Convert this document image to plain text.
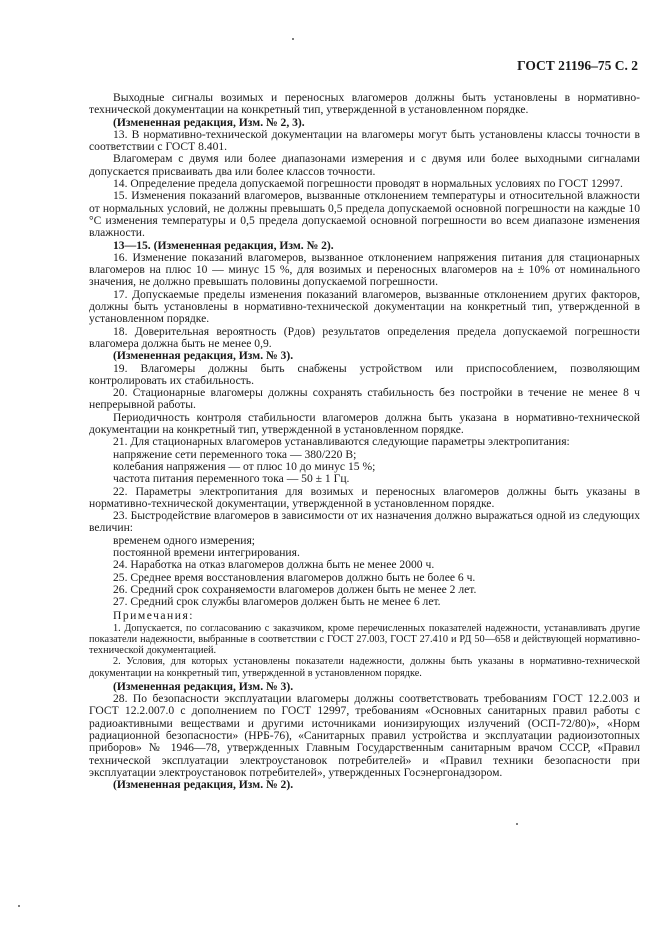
ГОСТ 21196–75 С. 2

Выходные сигналы возимых и переносных влагомеров должны быть установлены в нормативно-технической документации на конкретный тип, утвержденной в установленном порядке.

(Измененная редакция, Изм. № 2, 3).

13. В нормативно-технической документации на влагомеры могут быть установлены классы точности в соответствии с ГОСТ 8.401.

Влагомерам с двумя или более диапазонами измерения и с двумя или более выходными сигналами допускается присваивать два или более классов точности.

14. Определение предела допускаемой погрешности проводят в нормальных условиях по ГОСТ 12997.

15. Изменения показаний влагомеров, вызванные отклонением температуры и относительной влажности от нормальных условий, не должны превышать 0,5 предела допускаемой основной погрешности на каждые 10 °С изменения температуры и 0,5 предела допускаемой основной погрешности во всем диапазоне изменения влажности.

13—15. (Измененная редакция, Изм. № 2).

16. Изменение показаний влагомеров, вызванное отклонением напряжения питания для стационарных влагомеров на плюс 10 — минус 15 %, для возимых и переносных влагомеров на ± 10% от номинального значения, не должно превышать половины допускаемой погрешности.

17. Допускаемые пределы изменения показаний влагомеров, вызванные отклонением других факторов, должны быть установлены в нормативно-технической документации на конкретный тип, утвержденной в установленном порядке.

18. Доверительная вероятность (Pдов) результатов определения предела допускаемой погрешности влагомера должна быть не менее 0,9.

(Измененная редакция, Изм. № 3).

19. Влагомеры должны быть снабжены устройством или приспособлением, позволяющим контролировать их стабильность.

20. Стационарные влагомеры должны сохранять стабильность без постройки в течение не менее 8 ч непрерывной работы.

Периодичность контроля стабильности влагомеров должна быть указана в нормативно-технической документации на конкретный тип, утвержденной в установленном порядке.

21. Для стационарных влагомеров устанавливаются следующие параметры электропитания:

напряжение сети переменного тока — 380/220 В;

колебания напряжения — от плюс 10 до минус 15 %;

частота питания переменного тока — 50 ± 1 Гц.

22. Параметры электропитания для возимых и переносных влагомеров должны быть указаны в нормативно-технической документации, утвержденной в установленном порядке.

23. Быстродействие влагомеров в зависимости от их назначения должно выражаться одной из следующих величин:

временем одного измерения;

постоянной времени интегрирования.

24. Наработка на отказ влагомеров должна быть не менее 2000 ч.

25. Среднее время восстановления влагомеров должно быть не более 6 ч.

26. Средний срок сохраняемости влагомеров должен быть не менее 2 лет.

27. Средний срок службы влагомеров должен быть не менее 6 лет.

Примечания:

1. Допускается, по согласованию с заказчиком, кроме перечисленных показателей надежности, устанавливать другие показатели надежности, выбранные в соответствии с ГОСТ 27.003, ГОСТ 27.410 и РД 50—658 и действующей нормативно-технической документацией.

2. Условия, для которых установлены показатели надежности, должны быть указаны в нормативно-технической документации на конкретный тип, утвержденной в установленном порядке.

(Измененная редакция, Изм. № 3).

28. По безопасности эксплуатации влагомеры должны соответствовать требованиям ГОСТ 12.2.003 и ГОСТ 12.2.007.0 с дополнением по ГОСТ 12997, требованиям «Основных санитарных правил работы с радиоактивными веществами и другими источниками ионизирующих излучений (ОСП-72/80)», «Норм радиационной безопасности» (НРБ-76), «Санитарных правил устройства и эксплуатации радиоизотопных приборов» № 1946—78, утвержденных Главным Государственным санитарным врачом СССР, «Правил технической эксплуатации электроустановок потребителей» и «Правил техники безопасности при эксплуатации электроустановок потребителей», утвержденных Госэнергонадзором.

(Измененная редакция, Изм. № 2).
